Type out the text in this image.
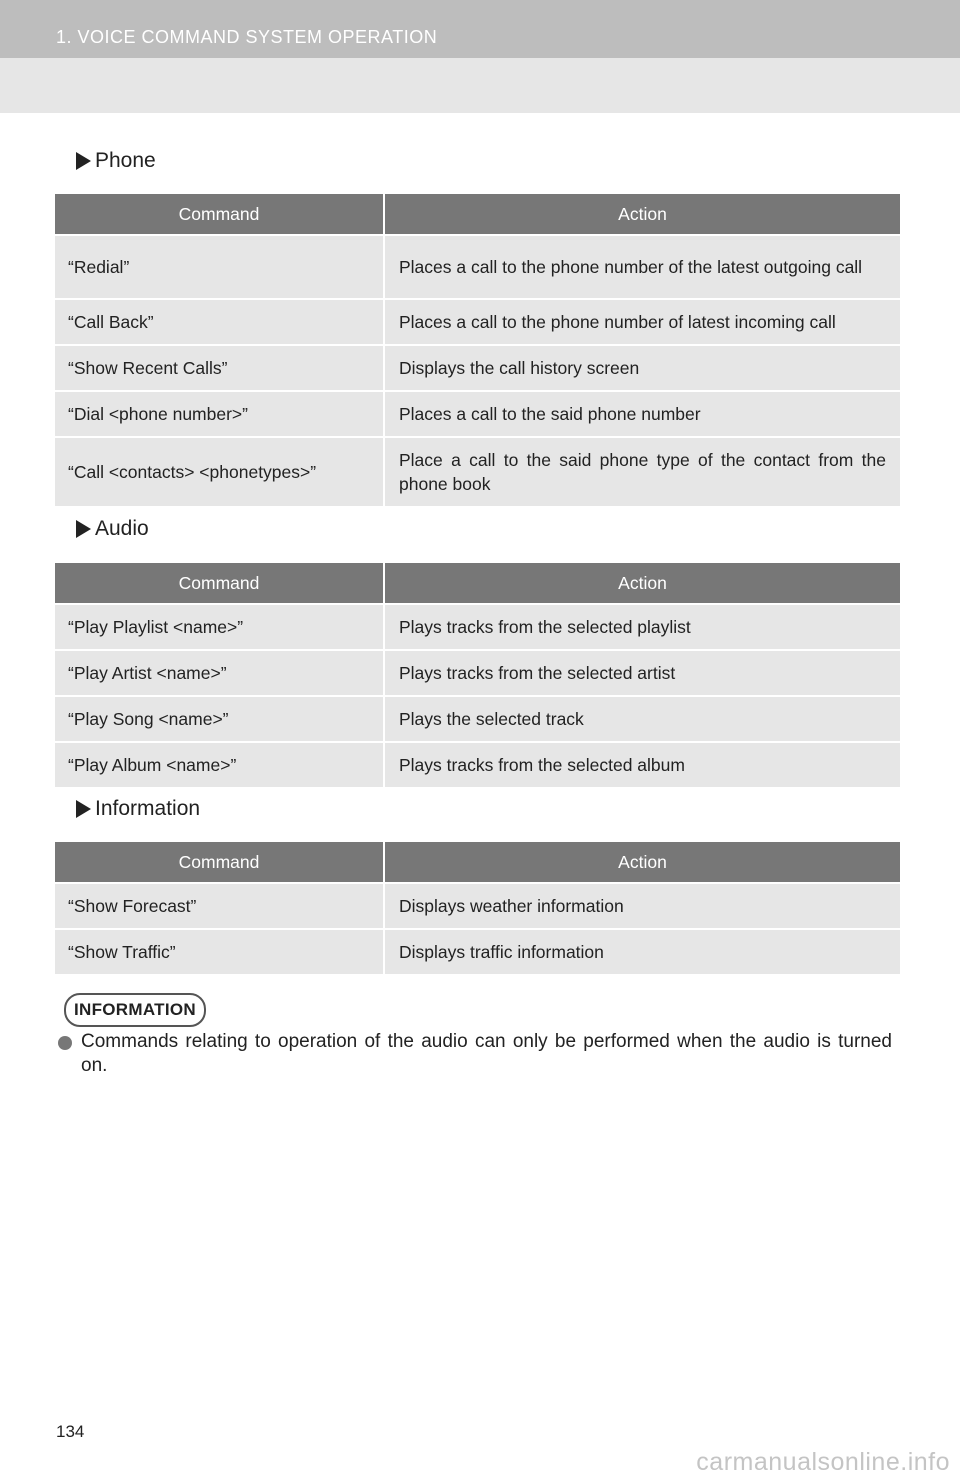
1. VOICE COMMAND SYSTEM OPERATION
Phone
Command	Action
“Redial”	Places a call to the phone number of the latest outgoing call
“Call Back”	Places a call to the phone number of latest incoming call
“Show Recent Calls”	Displays the call history screen
“Dial <phone number>”	Places a call to the said phone number
“Call <contacts> <phonetypes>”	Place a call to the said phone type of the contact from the phone book
Audio
Command	Action
“Play Playlist <name>”	Plays tracks from the selected playlist
“Play Artist <name>”	Plays tracks from the selected artist
“Play Song <name>”	Plays the selected track
“Play Album <name>”	Plays tracks from the selected album
Information
Command	Action
“Show Forecast”	Displays weather information
“Show Traffic”	Displays traffic information
INFORMATION
Commands relating to operation of the audio can only be performed when the audio is turned on.
134
carmanualsonline.info
